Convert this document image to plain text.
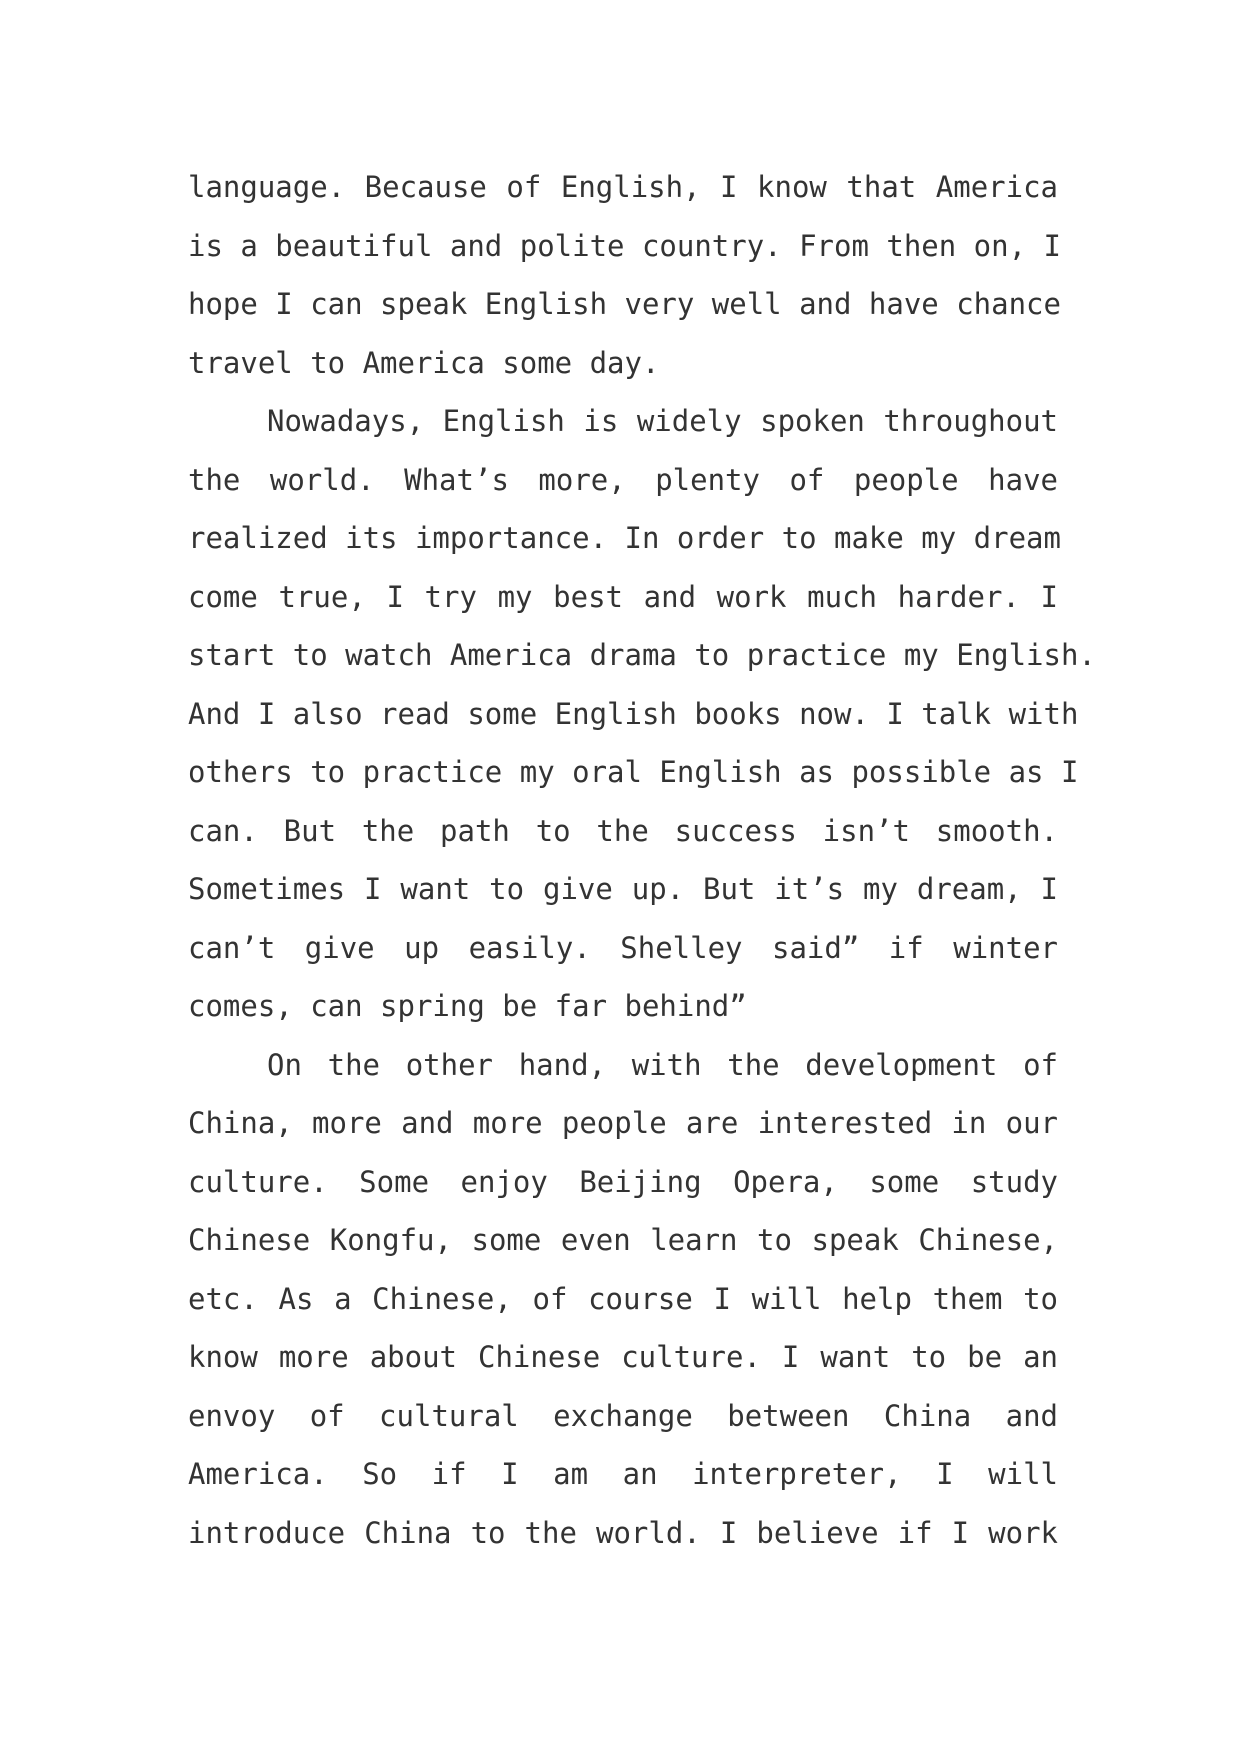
language. Because of English, I know that America
is a beautiful and polite country. From then on, I
hope I can speak English very well and have chance
travel to America some day.
Nowadays, English is widely spoken throughout
the world. What’s more, plenty of people have
realized its importance. In order to make my dream
come true, I try my best and work much harder. I
start to watch America drama to practice my English.
And I also read some English books now. I talk with
others to practice my oral English as possible as I
can. But the path to the success isn’t smooth.
Sometimes I want to give up. But it’s my dream, I
can’t give up easily. Shelley said” if winter
comes, can spring be far behind”
On the other hand, with the development of
China, more and more people are interested in our
culture. Some enjoy Beijing Opera, some study
Chinese Kongfu, some even learn to speak Chinese,
etc. As a Chinese, of course I will help them to
know more about Chinese culture. I want to be an
envoy of cultural exchange between China and
America. So if I am an interpreter, I will
introduce China to the world. I believe if I work
